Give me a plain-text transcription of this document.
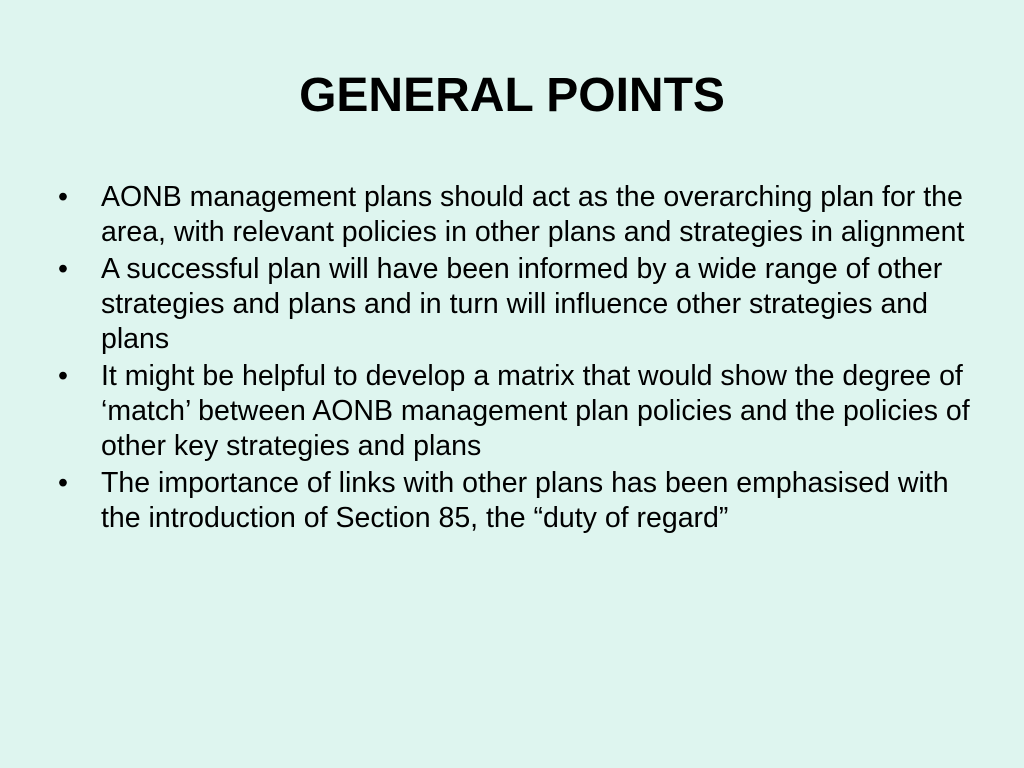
GENERAL POINTS
•	AONB management plans should act as the overarching plan for the area, with relevant policies in other plans and strategies in alignment
•	A successful plan will have been informed by a wide range of other strategies and plans and in turn will influence other strategies and plans
•	It might be helpful to develop a matrix that would show the degree of ‘match’ between AONB management plan policies and the policies of other key strategies and plans
•	The importance of links with other plans has been emphasised with the introduction of Section 85, the “duty of regard”
